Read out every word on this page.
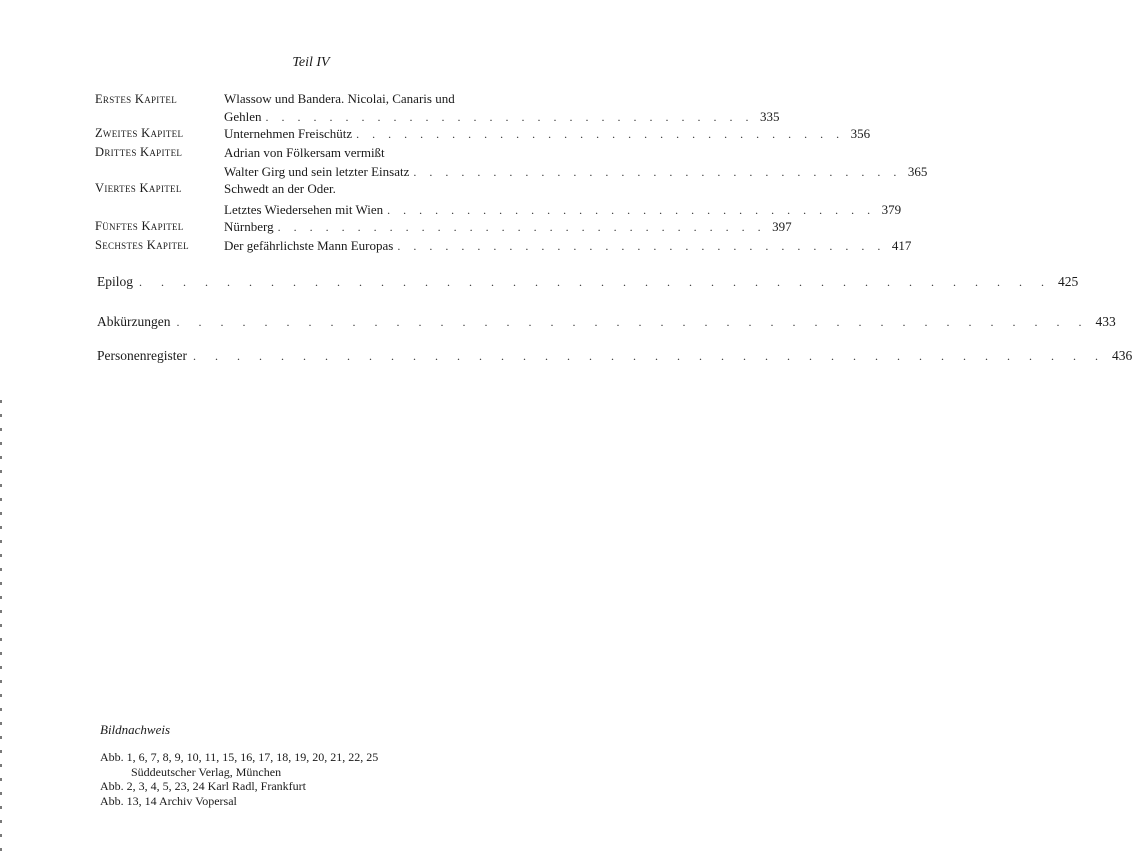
Teil IV
Erstes Kapitel
Zweites Kapitel
Drittes Kapitel
Viertes Kapitel
Fünftes Kapitel
Sechstes Kapitel
Wlassow und Bandera. Nicolai, Canaris und
Gehlen . . . . . . . . . . . . . . . . . . . . . . . . . . . . . . . 335
Unternehmen Freischütz . . . . . . . . . . . . . . . . . . . . . . . . . . . . . . . 356
Adrian von Fölkersam vermißt
Walter Girg und sein letzter Einsatz . . . . . . . . . . . . . . . . . . . . . . . . . . . . . . . 365
Schwedt an der Oder.
Letztes Wiedersehen mit Wien . . . . . . . . . . . . . . . . . . . . . . . . . . . . . . . 379
Nürnberg . . . . . . . . . . . . . . . . . . . . . . . . . . . . . . . 397
Der gefährlichste Mann Europas . . . . . . . . . . . . . . . . . . . . . . . . . . . . . . . 417
Epilog . . . . . . . . . . . . . . . . . . . . . . . . . . . . . . . . . . . . . . . . . . 425
Abkürzungen . . . . . . . . . . . . . . . . . . . . . . . . . . . . . . . . . . . . . . . . . . 433
Personenregister . . . . . . . . . . . . . . . . . . . . . . . . . . . . . . . . . . . . . . . . . . 436
Bildnachweis
Abb. 1, 6, 7, 8, 9, 10, 11, 15, 16, 17, 18, 19, 20, 21, 22, 25
Süddeutscher Verlag, München
Abb. 2, 3, 4, 5, 23, 24 Karl Radl, Frankfurt
Abb. 13, 14 Archiv Vopersal
